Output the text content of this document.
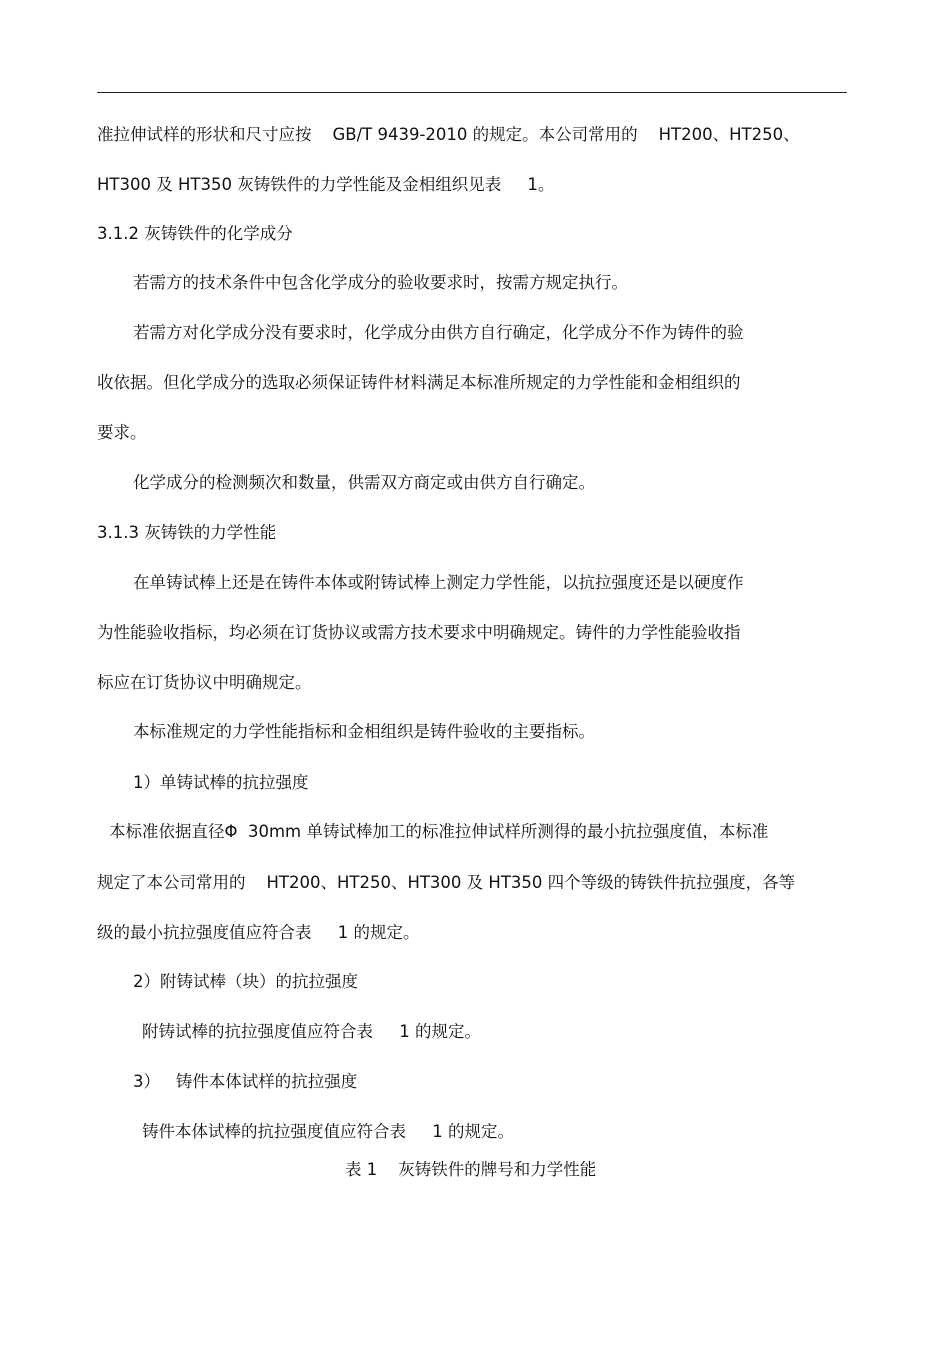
准拉伸试样的形状和尺寸应按    GB/T 9439-2010 的规定。本公司常用的    HT200、HT250、
HT300 及 HT350 灰铸铁件的力学性能及金相组织见表     1。
3.1.2 灰铸铁件的化学成分
若需方的技术条件中包含化学成分的验收要求时，按需方规定执行。
若需方对化学成分没有要求时，化学成分由供方自行确定，化学成分不作为铸件的验
收依据。但化学成分的选取必须保证铸件材料满足本标准所规定的力学性能和金相组织的
要求。
化学成分的检测频次和数量，供需双方商定或由供方自行确定。
3.1.3 灰铸铁的力学性能
在单铸试棒上还是在铸件本体或附铸试棒上测定力学性能，以抗拉强度还是以硬度作
为性能验收指标，均必须在订货协议或需方技术要求中明确规定。铸件的力学性能验收指
标应在订货协议中明确规定。
本标准规定的力学性能指标和金相组织是铸件验收的主要指标。
1）单铸试棒的抗拉强度
本标准依据直径Φ  30mm 单铸试棒加工的标准拉伸试样所测得的最小抗拉强度值，本标准
规定了本公司常用的    HT200、HT250、HT300 及 HT350 四个等级的铸铁件抗拉强度，各等
级的最小抗拉强度值应符合表     1 的规定。
2）附铸试棒（块）的抗拉强度
附铸试棒的抗拉强度值应符合表     1 的规定。
3）   铸件本体试样的抗拉强度
铸件本体试棒的抗拉强度值应符合表     1 的规定。
表 1    灰铸铁件的牌号和力学性能
